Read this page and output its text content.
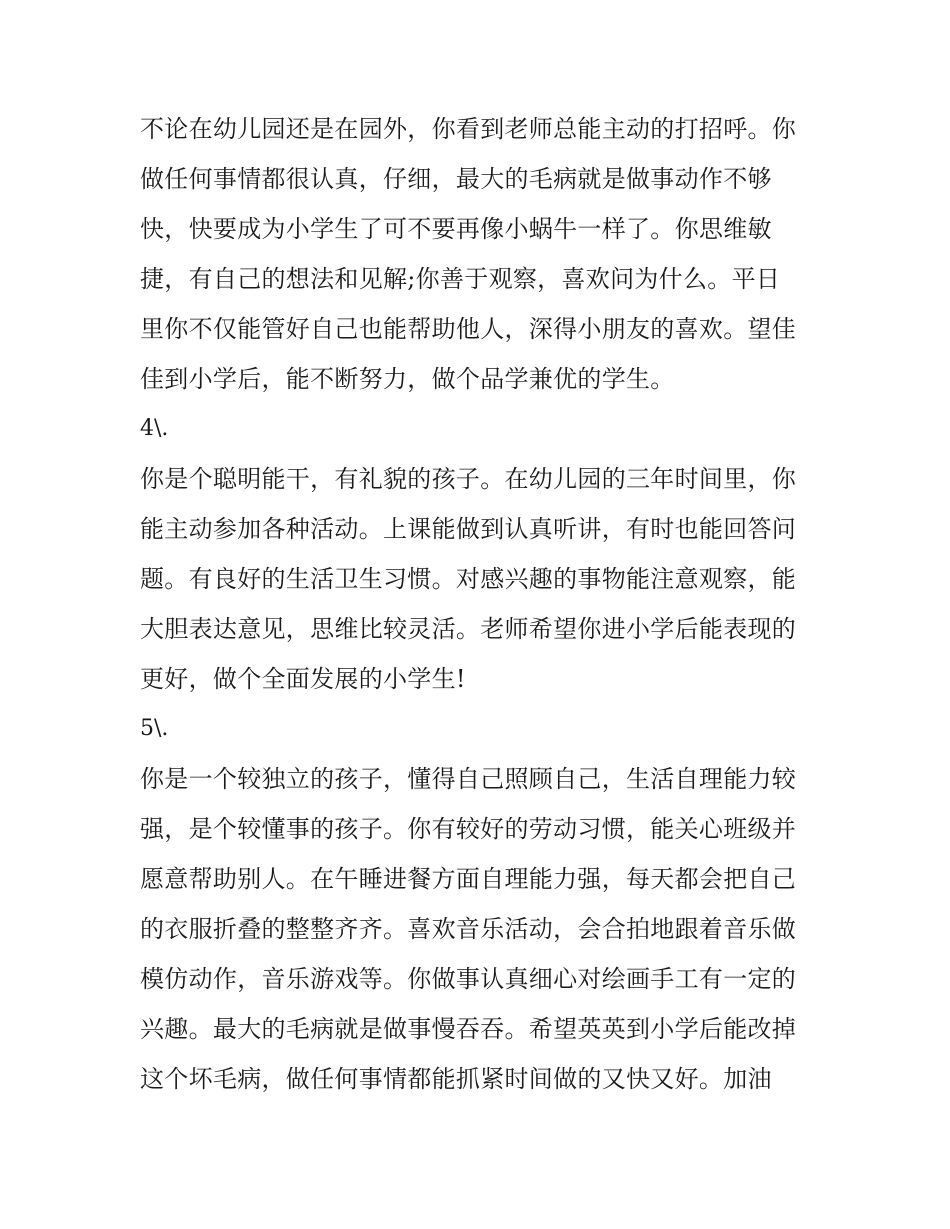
不论在幼儿园还是在园外，你看到老师总能主动的打招呼。你
做任何事情都很认真，仔细，最大的毛病就是做事动作不够
快，快要成为小学生了可不要再像小蜗牛一样了。你思维敏
捷，有自己的想法和见解;你善于观察，喜欢问为什么。平日
里你不仅能管好自己也能帮助他人，深得小朋友的喜欢。望佳
佳到小学后，能不断努力，做个品学兼优的学生。
4\.
你是个聪明能干，有礼貌的孩子。在幼儿园的三年时间里，你
能主动参加各种活动。上课能做到认真听讲，有时也能回答问
题。有良好的生活卫生习惯。对感兴趣的事物能注意观察，能
大胆表达意见，思维比较灵活。老师希望你进小学后能表现的
更好，做个全面发展的小学生!
5\.
你是一个较独立的孩子，懂得自己照顾自己，生活自理能力较
强，是个较懂事的孩子。你有较好的劳动习惯，能关心班级并
愿意帮助别人。在午睡进餐方面自理能力强，每天都会把自己
的衣服折叠的整整齐齐。喜欢音乐活动，会合拍地跟着音乐做
模仿动作，音乐游戏等。你做事认真细心对绘画手工有一定的
兴趣。最大的毛病就是做事慢吞吞。希望英英到小学后能改掉
这个坏毛病，做任何事情都能抓紧时间做的又快又好。加油
